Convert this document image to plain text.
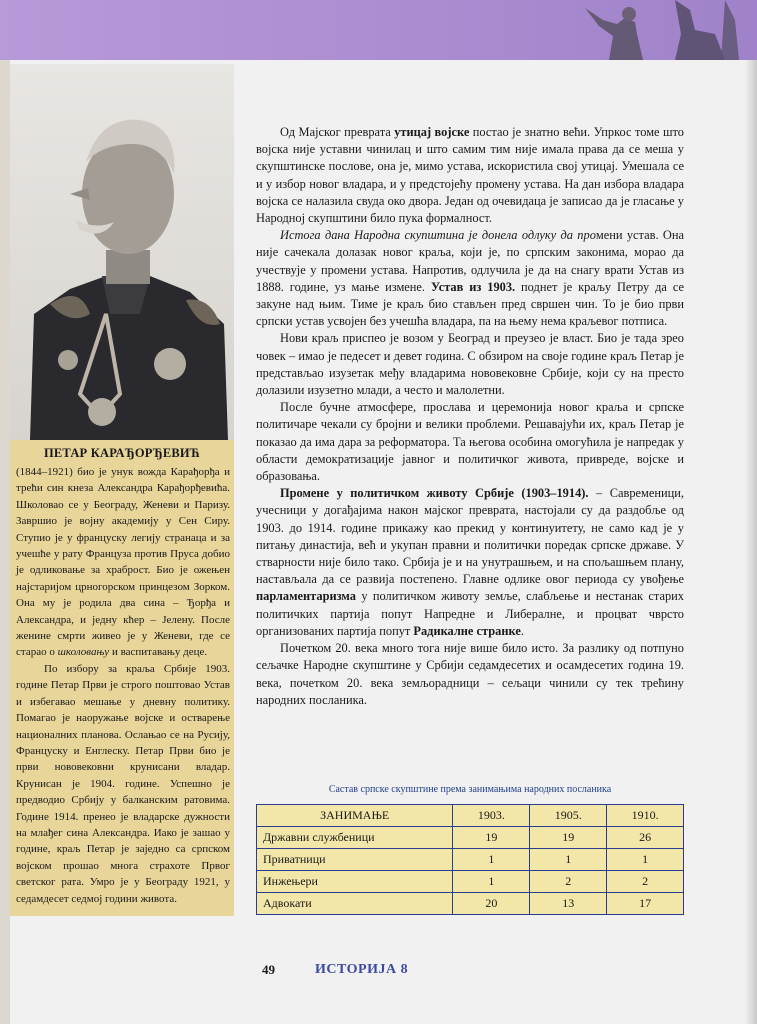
ПЕТАР КАРАЂОРЂЕВИЋ

(1844–1921) био је унук вожда Карађорђа и трећи син кнеза Александра Карађорђевића. Школовао се у Београду, Женеви и Паризу. Завршио је војну академију у Сен Сиру. Ступио је у француску легију странаца и за учешће у рату Француза против Пруса добио је одликовање за храброст. Био је ожењен најстаријом црногорском принцезом Зорком. Она му је родила два сина – Ђорђа и Александра, и једну кћер – Јелену. После женине смрти живео је у Женеви, где се старао о школовању и васпитавању деце.

По избору за краља Србије 1903. године Петар Први је строго поштовао Устав и избегавао мешање у дневну политику. Помагао је наоружање војске и остварење националних планова. Ослањао се на Русију, Француску и Енглеску. Петар Први био је први нововековни крунисани владар. Крунисан је 1904. године. Успешно је предводио Србију у балканским ратовима. Године 1914. пренео је владарске дужности на млађег сина Александра. Иако је зашао у године, краљ Петар је заједно са српском војском прошао многа страхоте Првог светског рата. Умро је у Београду 1921, у седамдесет седмој години живота.

Од Мајског преврата утицај војске постао је знатно већи. Упркос томе што војска није уставни чинилац и што самим тим није имала права да се меша у скупштинске послове, она је, мимо устава, искористила свој утицај. Умешала се и у избор новог владара, и у предстојећу промену устава. На дан избора владара војска се налазила свуда око двора. Један од очевидаца је записао да је гласање у Народној скупштини било пука формалност.

Истога дана Народна скупштина је донела одлуку да промени устав. Она није сачекала долазак новог краља, који је, по српским законима, морао да учествује у промени устава. Напротив, одлучила је да на снагу врати Устав из 1888. године, уз мање измене. Устав из 1903. поднет је краљу Петру да се закуне над њим. Тиме је краљ био стављен пред свршен чин. То је био први српски устав усвојен без учешћа владара, па на њему нема краљевог потписа.

Нови краљ приспео је возом у Београд и преузео је власт. Био је тада зрео човек – имао је педесет и девет година. С обзиром на своје године краљ Петар је представљао изузетак међу владарима нововековне Србије, који су на престо долазили изузетно млади, а често и малолетни.

После бучне атмосфере, прослава и церемонија новог краља и српске политичаре чекали су бројни и велики проблеми. Решавајући их, краљ Петар је показао да има дара за реформатора. Та његова особина омогућила је напредак у области демократизације јавног и политичког живота, привреде, војске и образовања.

Промене у политичком животу Србије (1903–1914). – Савременици, учесници у догађајима након мајског преврата, настојали су да раздобље од 1903. до 1914. године прикажу као прекид у континуитету, не само кад је у питању династија, већ и укупан правни и политички поредак српске државе. У стварности није било тако. Србија је и на унутрашњем, и на спољашњем плану, настављала да се развија постепено. Главне одлике овог периода су увођење парламентаризма у политичком животу земље, слабљење и нестанак старих политичких партија попут Напредне и Либералне, и процват чврсто организованих партија попут Радикалне странке.

Почетком 20. века много тога није више било исто. За разлику од потпуно сељачке Народне скупштине у Србији седамдесетих и осамдесетих година 19. века, почетком 20. века земљорадници – сељаци чинили су тек трећину народних посланика.

Састав српске скупштине према занимањима народних посланика
ЗАНИМАЊЕ	1903.	1905.	1910.
Државни службеници	19	19	26
Приватници	1	1	1
Инжењери	1	2	2
Адвокати	20	13	17
49	ИСТОРИЈА 8
